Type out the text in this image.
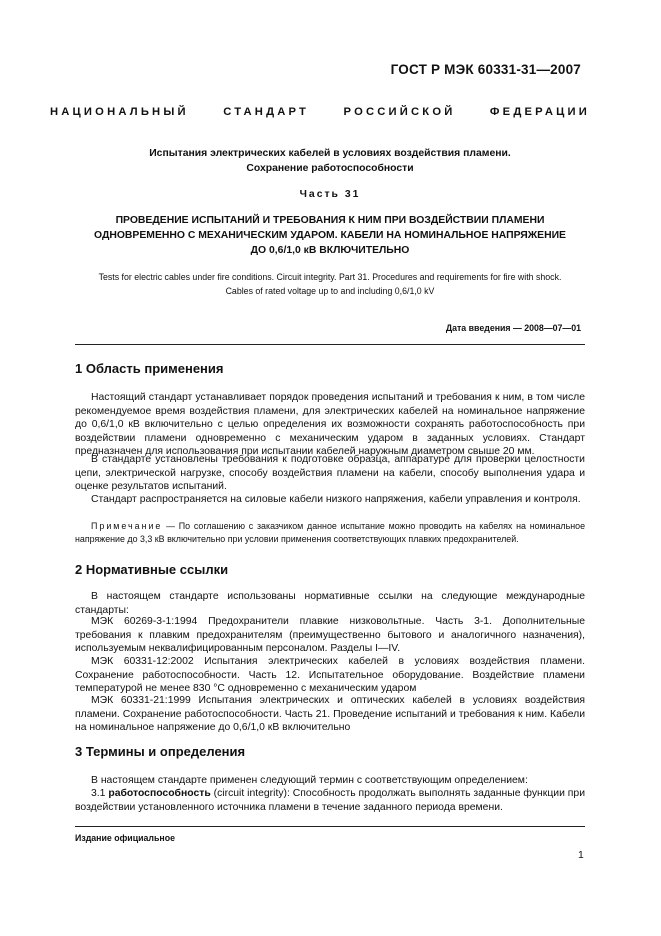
ГОСТ Р МЭК 60331-31—2007
НАЦИОНАЛЬНЫЙ СТАНДАРТ РОССИЙСКОЙ ФЕДЕРАЦИИ
Испытания электрических кабелей в условиях воздействия пламени.
Сохранение работоспособности
Часть 31
ПРОВЕДЕНИЕ ИСПЫТАНИЙ И ТРЕБОВАНИЯ К НИМ ПРИ ВОЗДЕЙСТВИИ ПЛАМЕНИ
ОДНОВРЕМЕННО С МЕХАНИЧЕСКИМ УДАРОМ. КАБЕЛИ НА НОМИНАЛЬНОЕ НАПРЯЖЕНИЕ
ДО 0,6/1,0 кВ ВКЛЮЧИТЕЛЬНО
Tests for electric cables under fire conditions. Circuit integrity. Part 31. Procedures and requirements for fire with shock.
Cables of rated voltage up to and including 0,6/1,0 kV
Дата введения — 2008—07—01
1 Область применения

Настоящий стандарт устанавливает порядок проведения испытаний и требования к ним, в том числе рекомендуемое время воздействия пламени, для электрических кабелей на номинальное напряжение до 0,6/1,0 кВ включительно с целью определения их возможности сохранять работоспособность при воздействии пламени одновременно с механическим ударом в заданных условиях. Стандарт предназначен для использования при испытании кабелей наружным диаметром свыше 20 мм.

В стандарте установлены требования к подготовке образца, аппаратуре для проверки целостности цепи, электрической нагрузке, способу воздействия пламени на кабели, способу выполнения удара и оценке результатов испытаний.

Стандарт распространяется на силовые кабели низкого напряжения, кабели управления и контроля.

Примечание — По соглашению с заказчиком данное испытание можно проводить на кабелях на номинальное напряжение до 3,3 кВ включительно при условии применения соответствующих плавких предохранителей.

2 Нормативные ссылки

В настоящем стандарте использованы нормативные ссылки на следующие международные стандарты:

МЭК 60269-3-1:1994 Предохранители плавкие низковольтные. Часть 3-1. Дополнительные требования к плавким предохранителям (преимущественно бытового и аналогичного назначения), используемым неквалифицированным персоналом. Разделы I—IV.

МЭК 60331-12:2002 Испытания электрических кабелей в условиях воздействия пламени. Сохранение работоспособности. Часть 12. Испытательное оборудование. Воздействие пламени температурой не менее 830 °С одновременно с механическим ударом

МЭК 60331-21:1999 Испытания электрических и оптических кабелей в условиях воздействия пламени. Сохранение работоспособности. Часть 21. Проведение испытаний и требования к ним. Кабели на номинальное напряжение до 0,6/1,0 кВ включительно

3 Термины и определения

В настоящем стандарте применен следующий термин с соответствующим определением:

3.1 работоспособность (circuit integrity): Способность продолжать выполнять заданные функции при воздействии установленного источника пламени в течение заданного периода времени.

Издание официальное
1
